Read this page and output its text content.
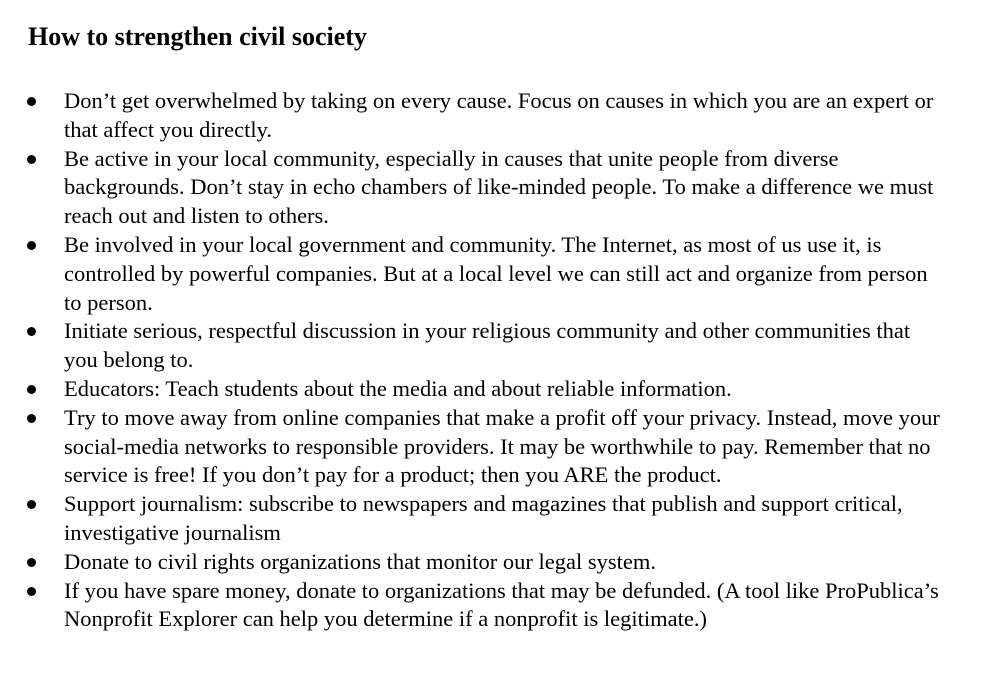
How to strengthen civil society
Don’t get overwhelmed by taking on every cause. Focus on causes in which you are an expert or that affect you directly.
Be active in your local community, especially in causes that unite people from diverse backgrounds. Don’t stay in echo chambers of like-minded people. To make a difference we must reach out and listen to others.
Be involved in your local government and community. The Internet, as most of us use it, is controlled by powerful companies. But at a local level we can still act and organize from person to person.
Initiate serious, respectful discussion in your religious community and other communities that you belong to.
Educators: Teach students about the media and about reliable information.
Try to move away from online companies that make a profit off your privacy. Instead, move your social-media networks to responsible providers. It may be worthwhile to pay. Remember that no service is free! If you don’t pay for a product; then you ARE the product.
Support journalism: subscribe to newspapers and magazines that publish and support critical, investigative journalism
Donate to civil rights organizations that monitor our legal system.
If you have spare money, donate to organizations that may be defunded. (A tool like ProPublica’s Nonprofit Explorer can help you determine if a nonprofit is legitimate.)
